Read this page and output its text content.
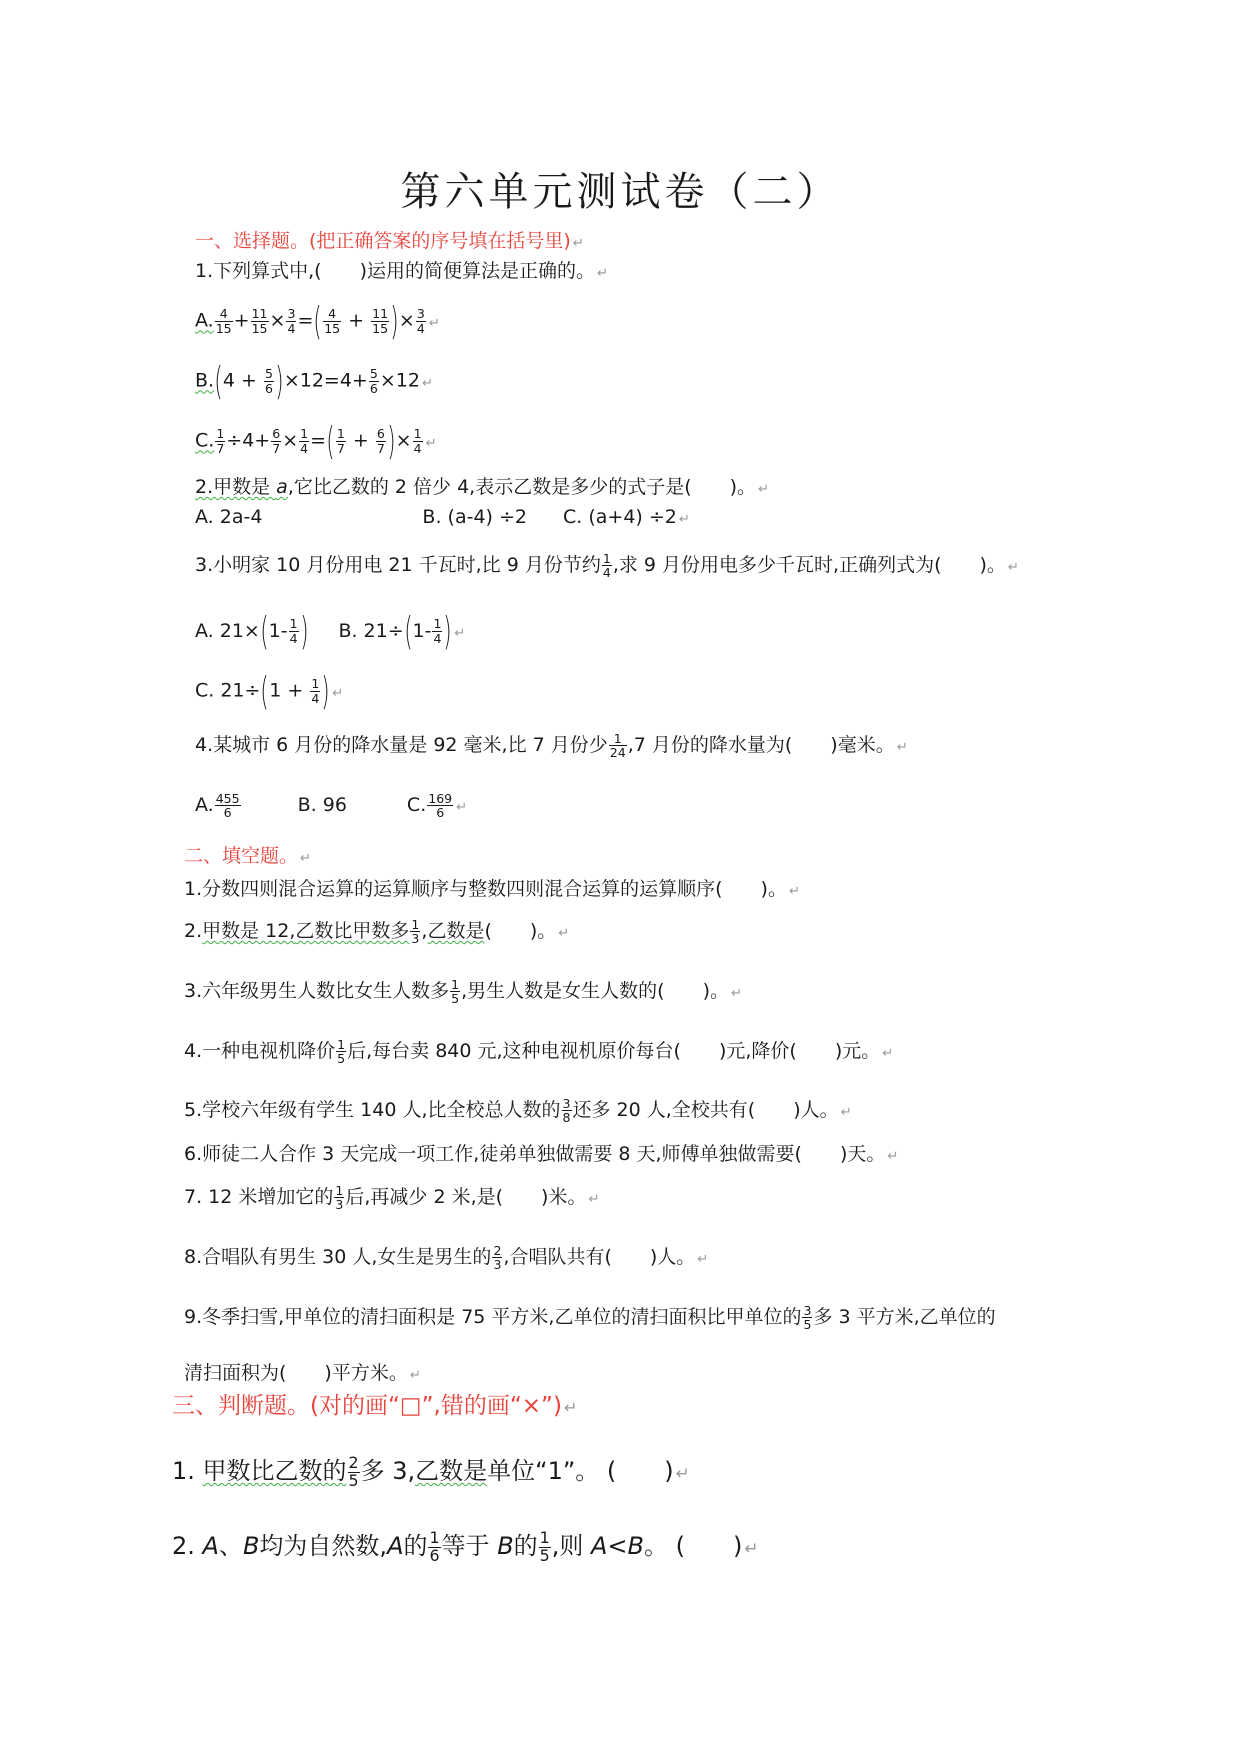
第六单元测试卷（二）
一、选择题。(把正确答案的序号填在括号里) ↵
1.下列算式中,(　　)运用的简便算法是正确的。 ↵
A. $\frac{4}{15} + \frac{11}{15} \times \frac{3}{4}$ =( $\frac{4}{15} + \frac{11}{15}$ )× $\frac{3}{4}$ ↵
$B.(4 + \frac{5}{6} )\times 12=4+ \frac{5}{6} \times 12$ ↵
C. $\frac{1}{7} \div 4+ \frac{6}{7} \times \frac{1}{4}$ =( $\frac{1}{7} + \frac{6}{7}$ )× $\frac{1}{4}$ ↵
2.甲数是 a,它比乙数的 2 倍少 4,表示乙数是多少的式子是(　　)。 ↵
A. 2a-4	B. (a-4) ÷2 C. (a+4) ÷2 ↵
3.小明家 10 月份用电 21 千瓦时,比 9 月份节约 $\frac{1}{4}$ ,求 9 月份用电多少千瓦时,正确列式为(　　)。 ↵
A. $21\times(1- \frac{1}{4}$ ) B. $21\div(1- \frac{1}{4}$ ) ↵
C. $21\div(1 + \frac{1}{4}$ ) ↵
4.某城市 6 月份的降水量是 92 毫米,比 7 月份少 $\frac{1}{24} ,7$ 月份的降水量为(　　)毫米。 ↵
A. $\frac{455}{6}$	B. 96	C. $\frac{169}{6}$ ↵
二、填空题。 ↵
1.分数四则混合运算的运算顺序与整数四则混合运算的运算顺序(　　)。 ↵
2.甲数是 12,乙数比甲数多 $\frac{1}{3}$ ,乙数是(　　)。 ↵
3.六年级男生人数比女生人数多 $\frac{1}{5}$ ,男生人数是女生人数的(　　)。 ↵
4.一种电视机降价 $\frac{1}{5}$ 后,每台卖 840 元,这种电视机原价每台(　　)元,降价(　　)元。 ↵
5.学校六年级有学生 140 人,比全校总人数的 $\frac{3}{8}$ 还多 20 人,全校共有(　　)人。 ↵
6.师徒二人合作 3 天完成一项工作,徒弟单独做需要 8 天,师傅单独做需要(　　)天。 ↵
7. 12 米增加它的 $\frac{1}{3}$ 后,再减少 2 米,是(　　)米。 ↵
8.合唱队有男生 30 人,女生是男生的 $\frac{2}{3}$ ,合唱队共有(　　)人。 ↵
9.冬季扫雪,甲单位的清扫面积是 75 平方米,乙单位的清扫面积比甲单位的 $\frac{3}{5}$ 多 3 平方米,乙单位的
清扫面积为(　　)平方米。 ↵
三、判断题。(对的画“□”,错的画“×”) ↵
1. 甲数比乙数的 $\frac{2}{5}$ 多 3,乙数是单位“1”。 (　　) ↵
2. A、B均为自然数,A的 $\frac{1}{6}$ 等于 B的 $\frac{1}{5}$ ,则 A<B。 (　　) ↵
